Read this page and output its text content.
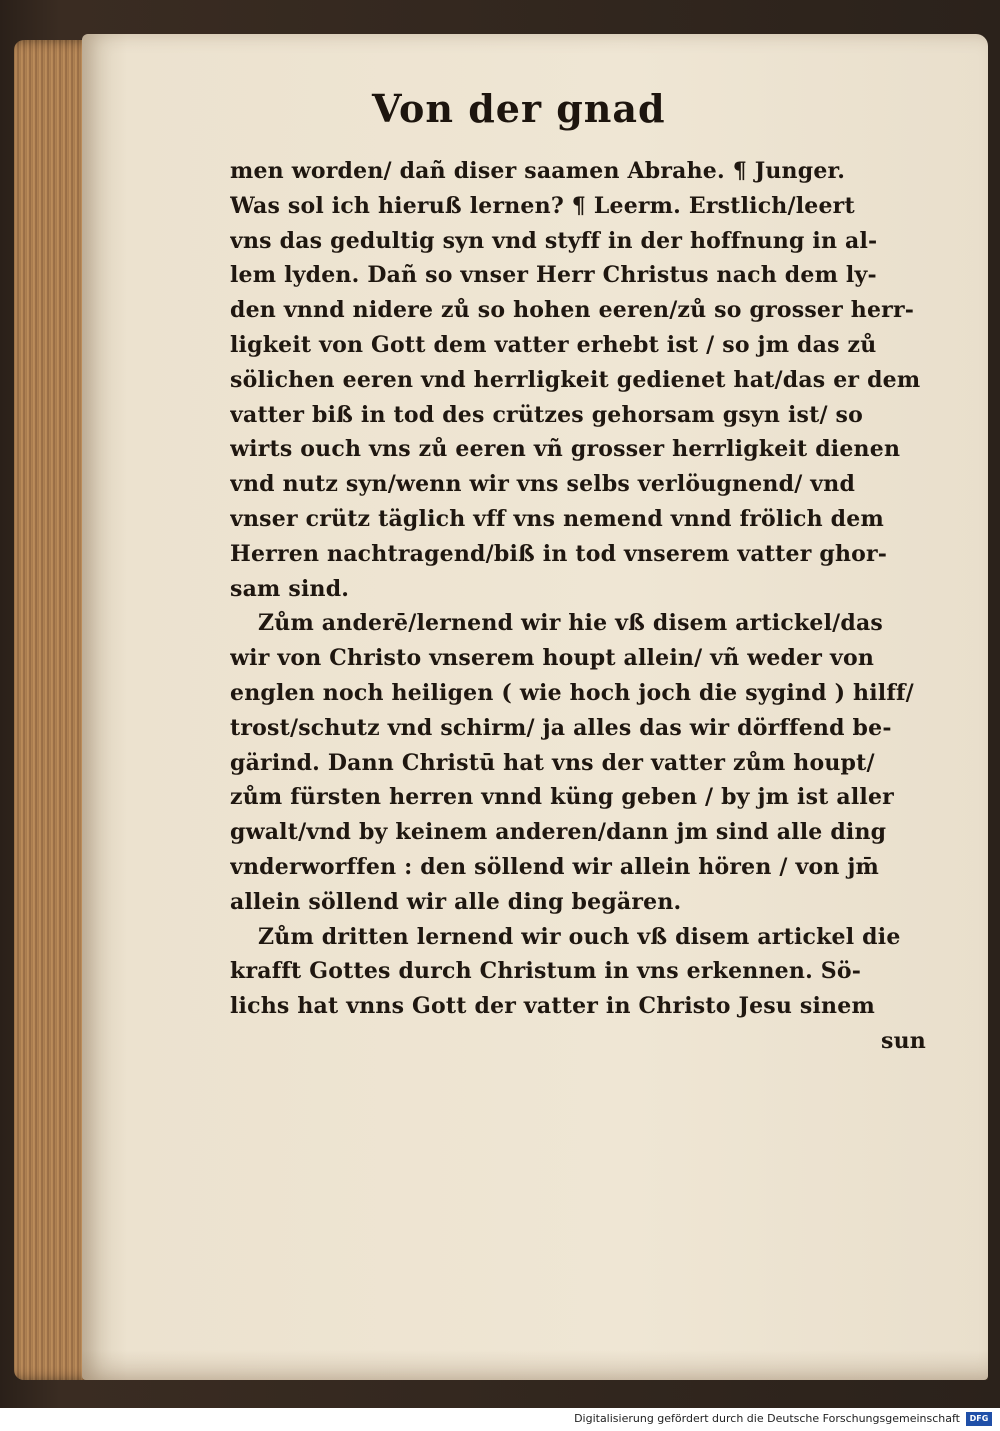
Von der gnad
men worden/ dañ diser saamen Abrahe. ¶ Junger.
Was sol ich hieruß lernen? ¶ Leerm. Erstlich/leert
vns das gedultig syn vnd styff in der hoffnung in al-
lem lyden. Dañ so vnser Herr Christus nach dem ly-
den vnnd nidere zů so hohen eeren/zů so grosser herr-
ligkeit von Gott dem vatter erhebt ist / so jm das zů
sölichen eeren vnd herrligkeit gedienet hat/das er dem
vatter biß in tod des crützes gehorsam gsyn ist/ so
wirts ouch vns zů eeren vñ grosser herrligkeit dienen
vnd nutz syn/wenn wir vns selbs verlöugnend/ vnd
vnser crütz täglich vff vns nemend vnnd frölich dem
Herren nachtragend/biß in tod vnserem vatter ghor-
sam sind.
Zům anderē/lernend wir hie vß disem artickel/das
wir von Christo vnserem houpt allein/ vñ weder von
englen noch heiligen ( wie hoch joch die sygind ) hilff/
trost/schutz vnd schirm/ ja alles das wir dörffend be-
gärind. Dann Christū hat vns der vatter zům houpt/
zům fürsten herren vnnd küng geben / by jm ist aller
gwalt/vnd by keinem anderen/dann jm sind alle ding
vnderworffen : den söllend wir allein hören / von jm̄
allein söllend wir alle ding begären.
Zům dritten lernend wir ouch vß disem artickel die
krafft Gottes durch Christum in vns erkennen. Sö-
lichs hat vnns Gott der vatter in Christo Jesu sinem
sun
Digitalisierung gefördert durch die Deutsche Forschungsgemeinschaft	DFG
